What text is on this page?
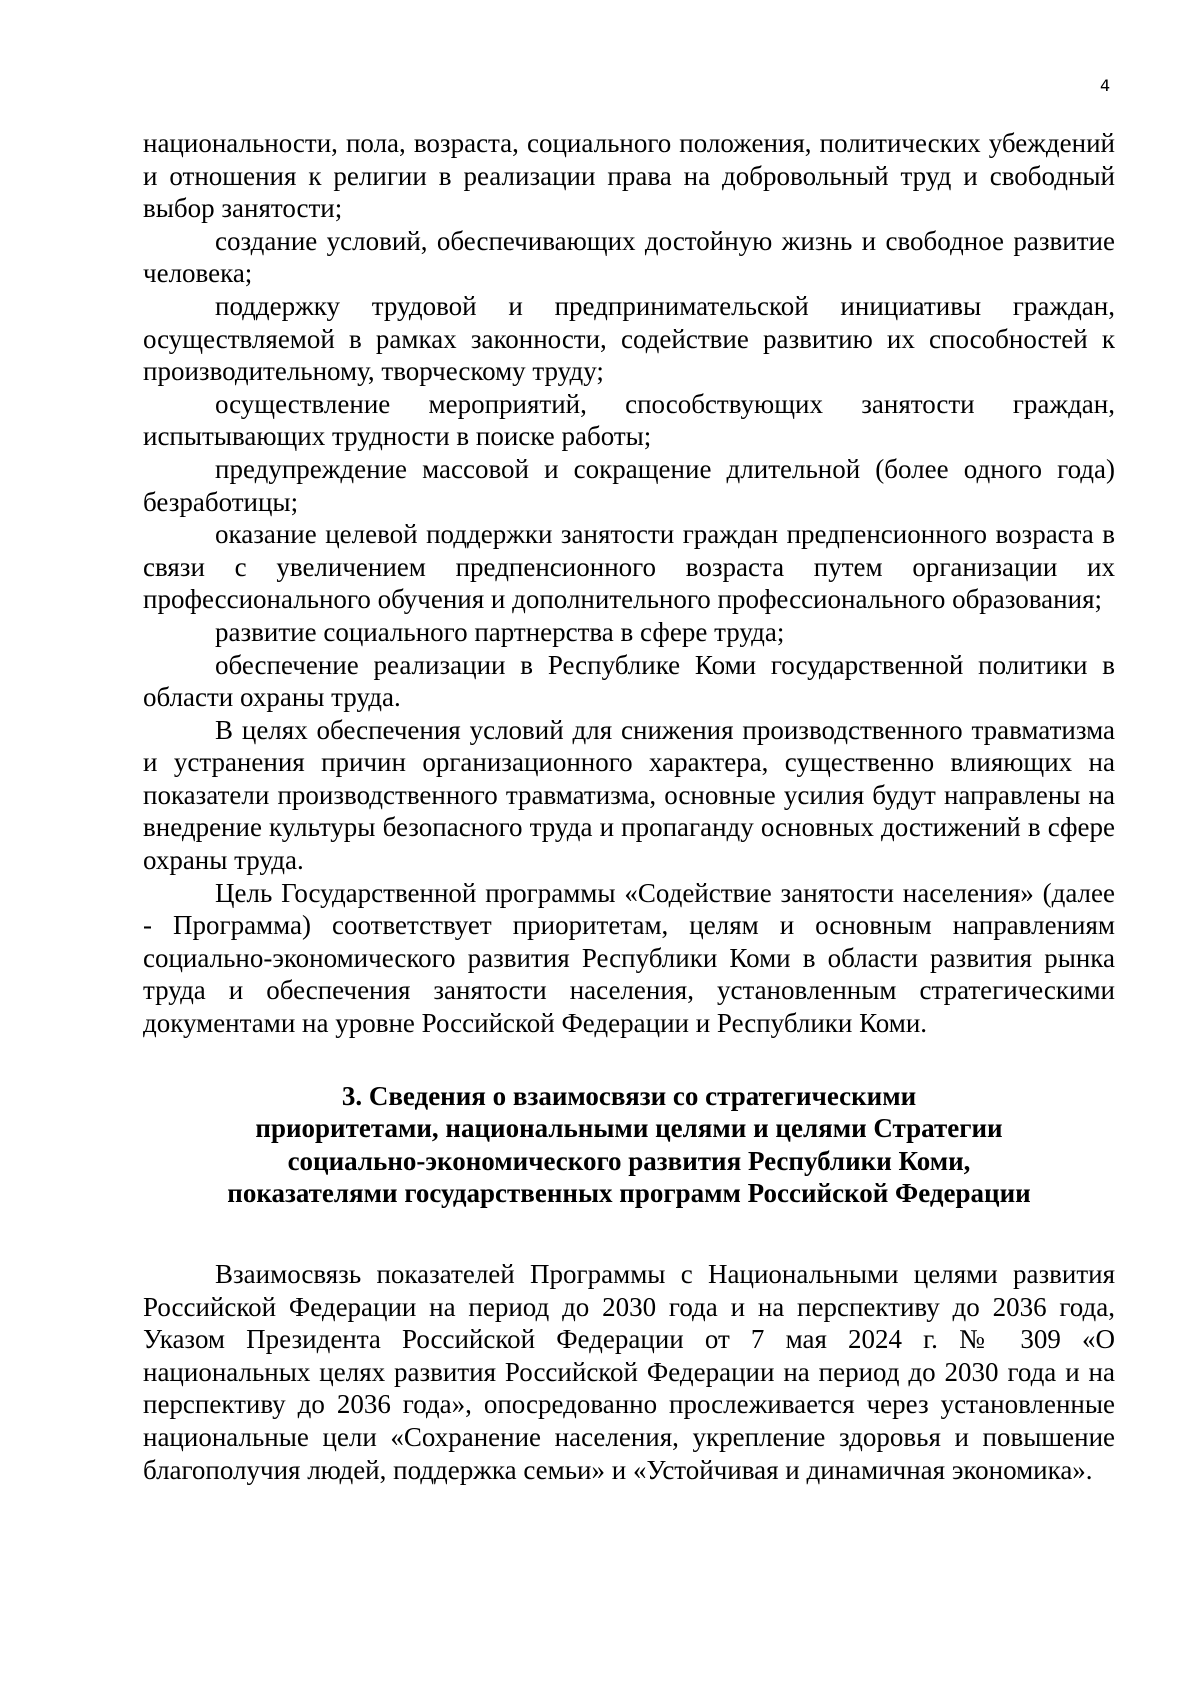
4

национальности, пола, возраста, социального положения, политических убеждений и отношения к религии в реализации права на добровольный труд и свободный выбор занятости;

создание условий, обеспечивающих достойную жизнь и свободное развитие человека;

поддержку трудовой и предпринимательской инициативы граждан, осуществляемой в рамках законности, содействие развитию их способностей к производительному, творческому труду;

осуществление мероприятий, способствующих занятости граждан, испытывающих трудности в поиске работы;

предупреждение массовой и сокращение длительной (более одного года) безработицы;

оказание целевой поддержки занятости граждан предпенсионного возраста в связи с увеличением предпенсионного возраста путем организации их профессионального обучения и дополнительного профессионального образования;

развитие социального партнерства в сфере труда;

обеспечение реализации в Республике Коми государственной политики в области охраны труда.

В целях обеспечения условий для снижения производственного травматизма и устранения причин организационного характера, существенно влияющих на показатели производственного травматизма, основные усилия будут направлены на внедрение культуры безопасного труда и пропаганду основных достижений в сфере охраны труда.

Цель Государственной программы «Содействие занятости населения» (далее - Программа) соответствует приоритетам, целям и основным направлениям социально-экономического развития Республики Коми в области развития рынка труда и обеспечения занятости населения, установленным стратегическими документами на уровне Российской Федерации и Республики Коми.

3. Сведения о взаимосвязи со стратегическими
приоритетами, национальными целями и целями Стратегии
социально-экономического развития Республики Коми,
показателями государственных программ Российской Федерации

Взаимосвязь показателей Программы с Национальными целями развития Российской Федерации на период до 2030 года и на перспективу до 2036 года, Указом Президента Российской Федерации от 7 мая 2024 г. № 309 «О национальных целях развития Российской Федерации на период до 2030 года и на перспективу до 2036 года», опосредованно прослеживается через установленные национальные цели «Сохранение населения, укрепление здоровья и повышение благополучия людей, поддержка семьи» и «Устойчивая и динамичная экономика».
